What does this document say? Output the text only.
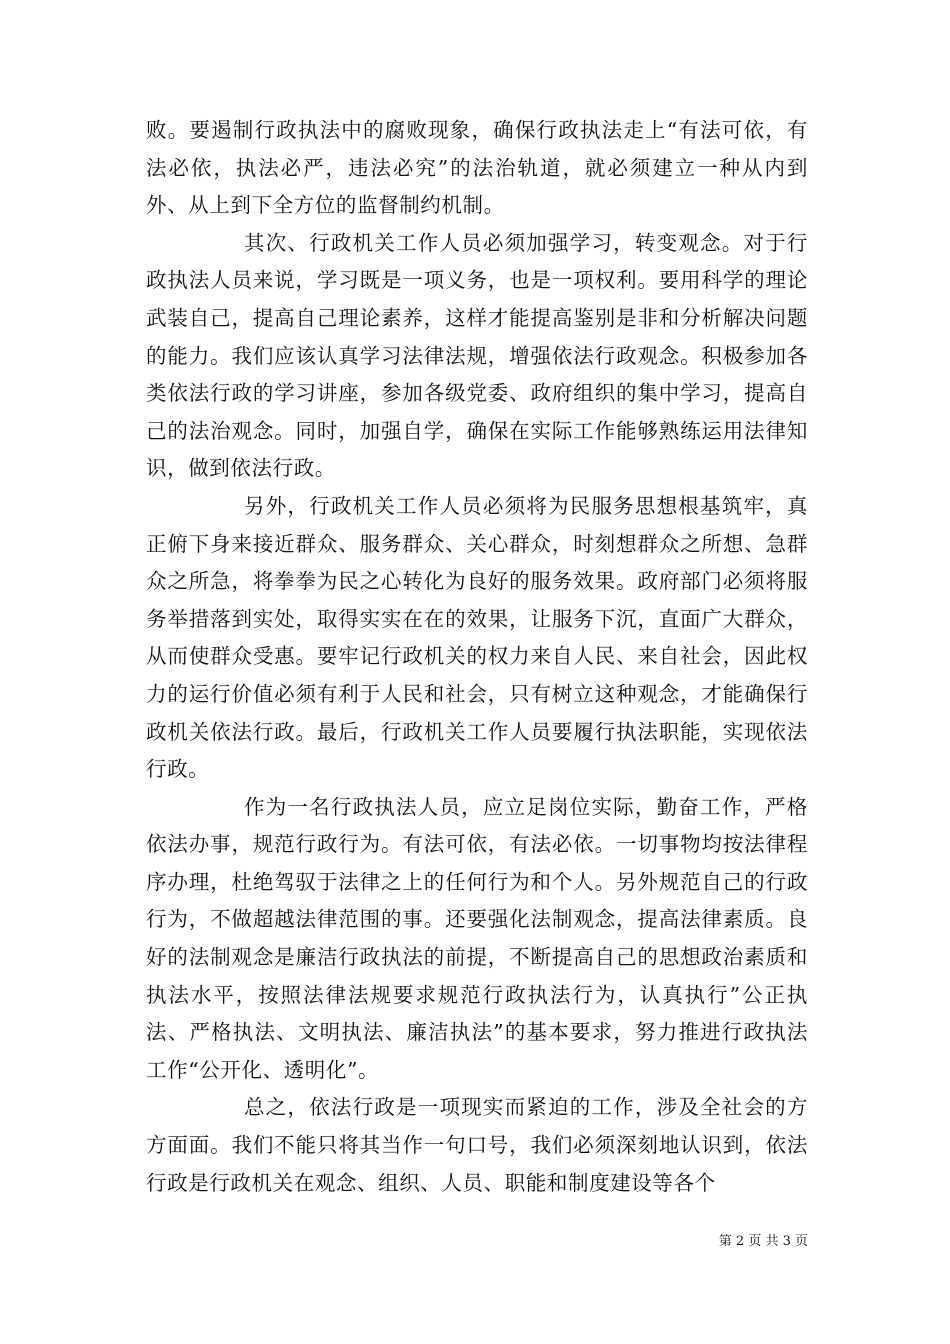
败。要遏制行政执法中的腐败现象，确保行政执法走上“有法可依，有法必依，执法必严，违法必究”的法治轨道，就必须建立一种从内到外、从上到下全方位的监督制约机制。

其次、行政机关工作人员必须加强学习，转变观念。对于行政执法人员来说，学习既是一项义务，也是一项权利。要用科学的理论武装自己，提高自己理论素养，这样才能提高鉴别是非和分析解决问题的能力。我们应该认真学习法律法规，增强依法行政观念。积极参加各类依法行政的学习讲座，参加各级党委、政府组织的集中学习，提高自己的法治观念。同时，加强自学，确保在实际工作能够熟练运用法律知识，做到依法行政。

另外，行政机关工作人员必须将为民服务思想根基筑牢，真正俯下身来接近群众、服务群众、关心群众，时刻想群众之所想、急群众之所急，将拳拳为民之心转化为良好的服务效果。政府部门必须将服务举措落到实处，取得实实在在的效果，让服务下沉，直面广大群众，从而使群众受惠。要牢记行政机关的权力来自人民、来自社会，因此权力的运行价值必须有利于人民和社会，只有树立这种观念，才能确保行政机关依法行政。最后，行政机关工作人员要履行执法职能，实现依法行政。

作为一名行政执法人员，应立足岗位实际，勤奋工作，严格依法办事，规范行政行为。有法可依，有法必依。一切事物均按法律程序办理，杜绝驾驭于法律之上的任何行为和个人。另外规范自己的行政行为，不做超越法律范围的事。还要强化法制观念，提高法律素质。良好的法制观念是廉洁行政执法的前提，不断提高自己的思想政治素质和执法水平，按照法律法规要求规范行政执法行为，认真执行”公正执法、严格执法、文明执法、廉洁执法”的基本要求，努力推进行政执法工作“公开化、透明化”。

总之，依法行政是一项现实而紧迫的工作，涉及全社会的方方面面。我们不能只将其当作一句口号，我们必须深刻地认识到，依法行政是行政机关在观念、组织、人员、职能和制度建设等各个

第 2 页 共 3 页
